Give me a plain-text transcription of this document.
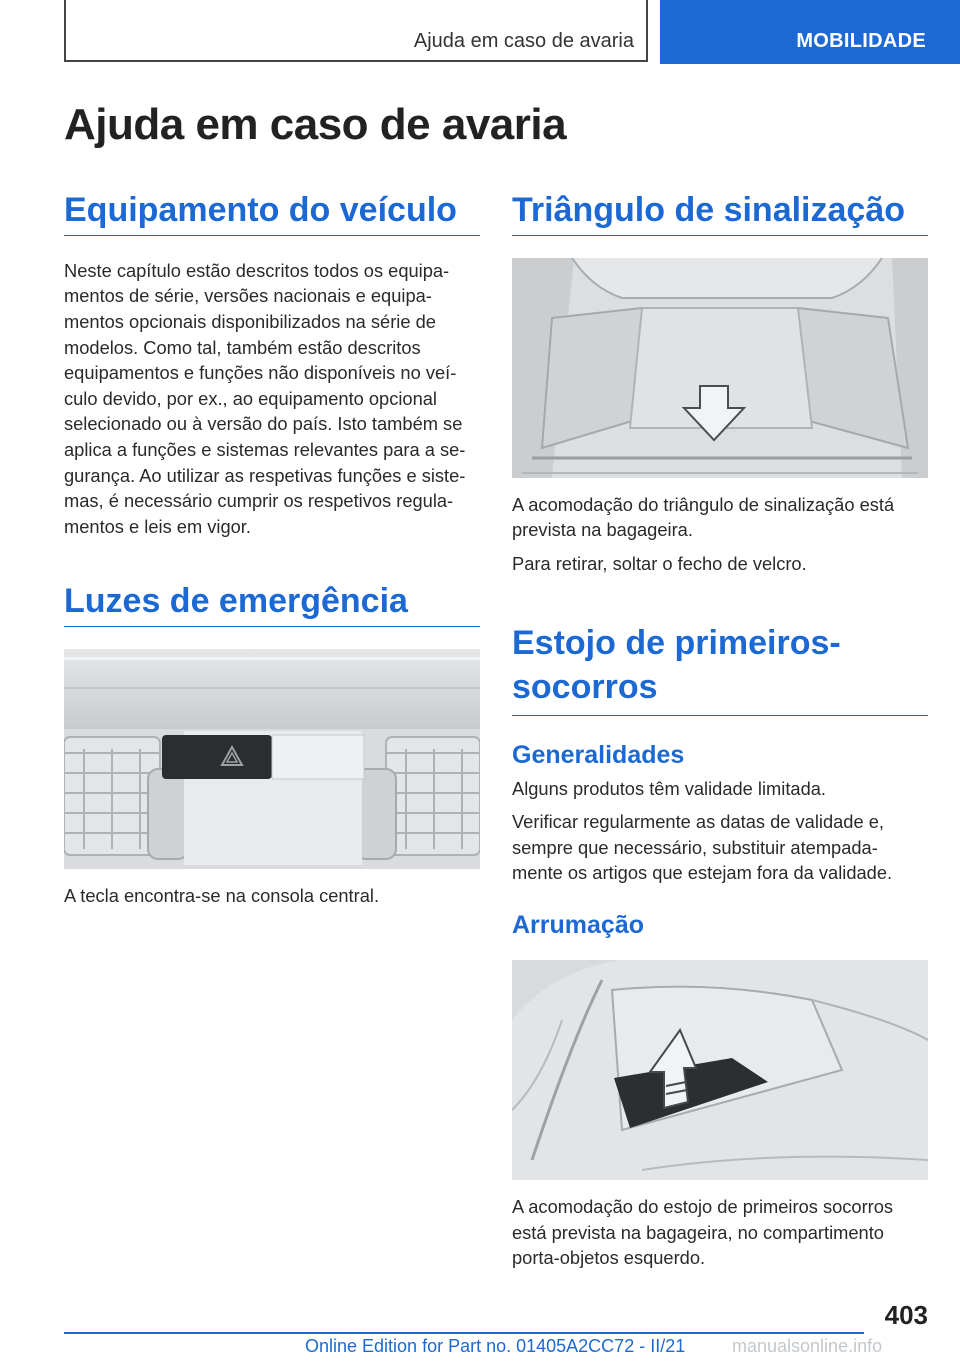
Ajuda em caso de avaria	MOBILIDADE
Ajuda em caso de avaria
Equipamento do veículo
Neste capítulo estão descritos todos os equipa-
mentos de série, versões nacionais e equipa-
mentos opcionais disponibilizados na série de
modelos. Como tal, também estão descritos
equipamentos e funções não disponíveis no veí-
culo devido, por ex., ao equipamento opcional
selecionado ou à versão do país. Isto também se
aplica a funções e sistemas relevantes para a se-
gurança. Ao utilizar as respetivas funções e siste-
mas, é necessário cumprir os respetivos regula-
mentos e leis em vigor.
Luzes de emergência
A tecla encontra-se na consola central.
Triângulo de sinalização
A acomodação do triângulo de sinalização está
prevista na bagageira.
Para retirar, soltar o fecho de velcro.
Estojo de primeiros-
socorros
Generalidades
Alguns produtos têm validade limitada.
Verificar regularmente as datas de validade e,
sempre que necessário, substituir atempada-
mente os artigos que estejam fora da validade.
Arrumação
A acomodação do estojo de primeiros socorros
está prevista na bagageira, no compartimento
porta-objetos esquerdo.
403
Online Edition for Part no. 01405A2CC72 - II/21	manualsonline.info
